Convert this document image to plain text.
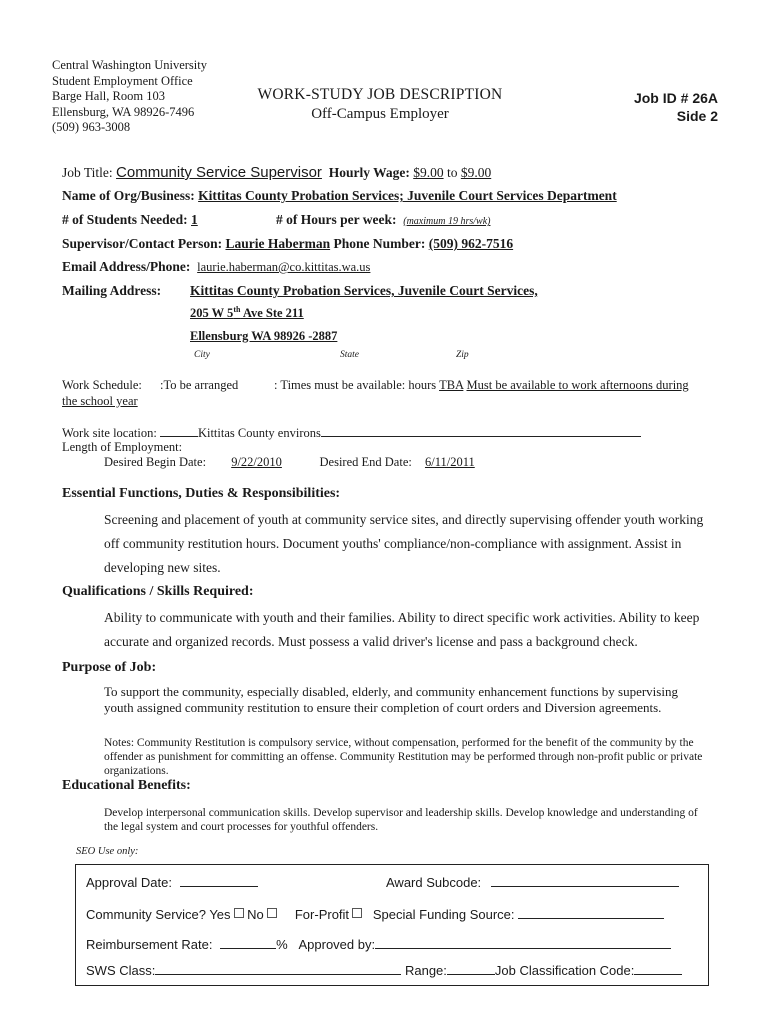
Central Washington University
Student Employment Office
Barge Hall, Room 103
Ellensburg, WA 98926-7496
(509) 963-3008
WORK-STUDY JOB DESCRIPTION
Off-Campus Employer
Job ID # 26A
Side 2
Job Title: Community Service Supervisor Hourly Wage: $9.00 to $9.00
Name of Org/Business: Kittitas County Probation Services; Juvenile Court Services Department
# of Students Needed: 1	# of Hours per week: (maximum 19 hrs/wk)
Supervisor/Contact Person: Laurie Haberman Phone Number: (509) 962-7516
Email Address/Phone: laurie.haberman@co.kittitas.wa.us
Mailing Address: Kittitas County Probation Services, Juvenile Court Services,
205 W 5th Ave Ste 211
Ellensburg WA 98926 -2887
City	State	Zip
Work Schedule: :To be arranged	: Times must be available: hours TBA Must be available to work afternoons during
the school year
Work site location:	Kittitas County environs
Length of Employment:
Desired Begin Date: 9/22/2010	Desired End Date: 6/11/2011
Essential Functions, Duties & Responsibilities:
Screening and placement of youth at community service sites, and directly supervising offender youth working off community restitution hours. Document youths' compliance/non-compliance with assignment. Assist in developing new sites.
Qualifications / Skills Required:
Ability to communicate with youth and their families. Ability to direct specific work activities. Ability to keep accurate and organized records. Must possess a valid driver's license and pass a background check.
Purpose of Job:
To support the community, especially disabled, elderly, and community enhancement functions by supervising youth assigned community restitution to ensure their completion of court orders and Diversion agreements.
Notes: Community Restitution is compulsory service, without compensation, performed for the benefit of the community by the offender as punishment for committing an offense. Community Restitution may be performed through non-profit public or private organizations.
Educational Benefits:
Develop interpersonal communication skills. Develop supervisor and leadership skills. Develop knowledge and understanding of the legal system and court processes for youthful offenders.
SEO Use only:
Approval Date:	Award Subcode:
Community Service? Yes No For-Profit Special Funding Source:
Reimbursement Rate:	% Approved by:
SWS Class:	Range:	Job Classification Code:
